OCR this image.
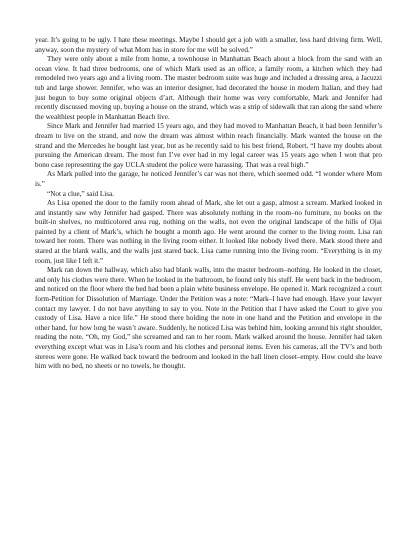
year. It’s going to be ugly. I hate these meetings. Maybe I should get a job with a smaller, less hard driving firm. Well, anyway, soon the mystery of what Mom has in store for me will be solved.”

They were only about a mile from home, a townhouse in Manhattan Beach about a block from the sand with an ocean view. It had three bedrooms, one of which Mark used as an office, a family room, a kitchen which they had remodeled two years ago and a living room. The master bedroom suite was huge and included a dressing area, a Jacuzzi tub and large shower. Jennifer, who was an interior designer, had decorated the house in modern Italian, and they had just begun to buy some original objects d’art. Although their home was very comfortable, Mark and Jennifer had recently discussed moving up, buying a house on the strand, which was a strip of sidewalk that ran along the sand where the wealthiest people in Manhattan Beach live.

Since Mark and Jennifer had married 15 years ago, and they had moved to Manhattan Beach, it had been Jennifer’s dream to live on the strand, and now the dream was almost within reach financially. Mark wanted the house on the strand and the Mercedes he bought last year, but as he recently said to his best friend, Robert, “I have my doubts about pursuing the American dream. The most fun I’ve ever had in my legal career was 15 years ago when I won that pro bono case representing the gay UCLA student the police were harassing. That was a real high.”

As Mark pulled into the garage, he noticed Jennifer’s car was not there, which seemed odd. “I wonder where Mom is.”

“Not a clue,” said Lisa.

As Lisa opened the door to the family room ahead of Mark, she let out a gasp, almost a scream. Marked looked in and instantly saw why Jennifer had gasped. There was absolutely nothing in the room–no furniture, no books on the built-in shelves, no multicolored area rug, nothing on the walls, not even the original landscape of the hills of Ojai painted by a client of Mark’s, which he bought a month ago. He went around the corner to the living room. Lisa ran toward her room. There was nothing in the living room either. It looked like nobody lived there. Mark stood there and stared at the blank walls, and the walls just stared back. Lisa came running into the living room. “Everything is in my room, just like I left it.”

Mark ran down the hallway, which also had blank walls, into the master bedroom–nothing. He looked in the closet, and only his clothes were there. When he looked in the bathroom, he found only his stuff. He went back in the bedroom, and noticed on the floor where the bed had been a plain white business envelope. He opened it. Mark recognized a court form-Petition for Dissolution of Marriage. Under the Petition was a note: “Mark–I have had enough. Have your lawyer contact my lawyer. I do not have anything to say to you. Note in the Petition that I have asked the Court to give you custody of Lisa. Have a nice life.” He stood there holding the note in one hand and the Petition and envelope in the other hand, for how long he wasn’t aware. Suddenly, he noticed Lisa was behind him, looking around his right shoulder, reading the note. “Oh, my God,” she screamed and ran to her room. Mark walked around the house. Jennifer had taken everything except what was in Lisa’s room and his clothes and personal items. Even his cameras, all the TV’s and both stereos were gone. He walked back toward the bedroom and looked in the hall linen closet–empty. How could she leave him with no bed, no sheets or no towels, he thought.
